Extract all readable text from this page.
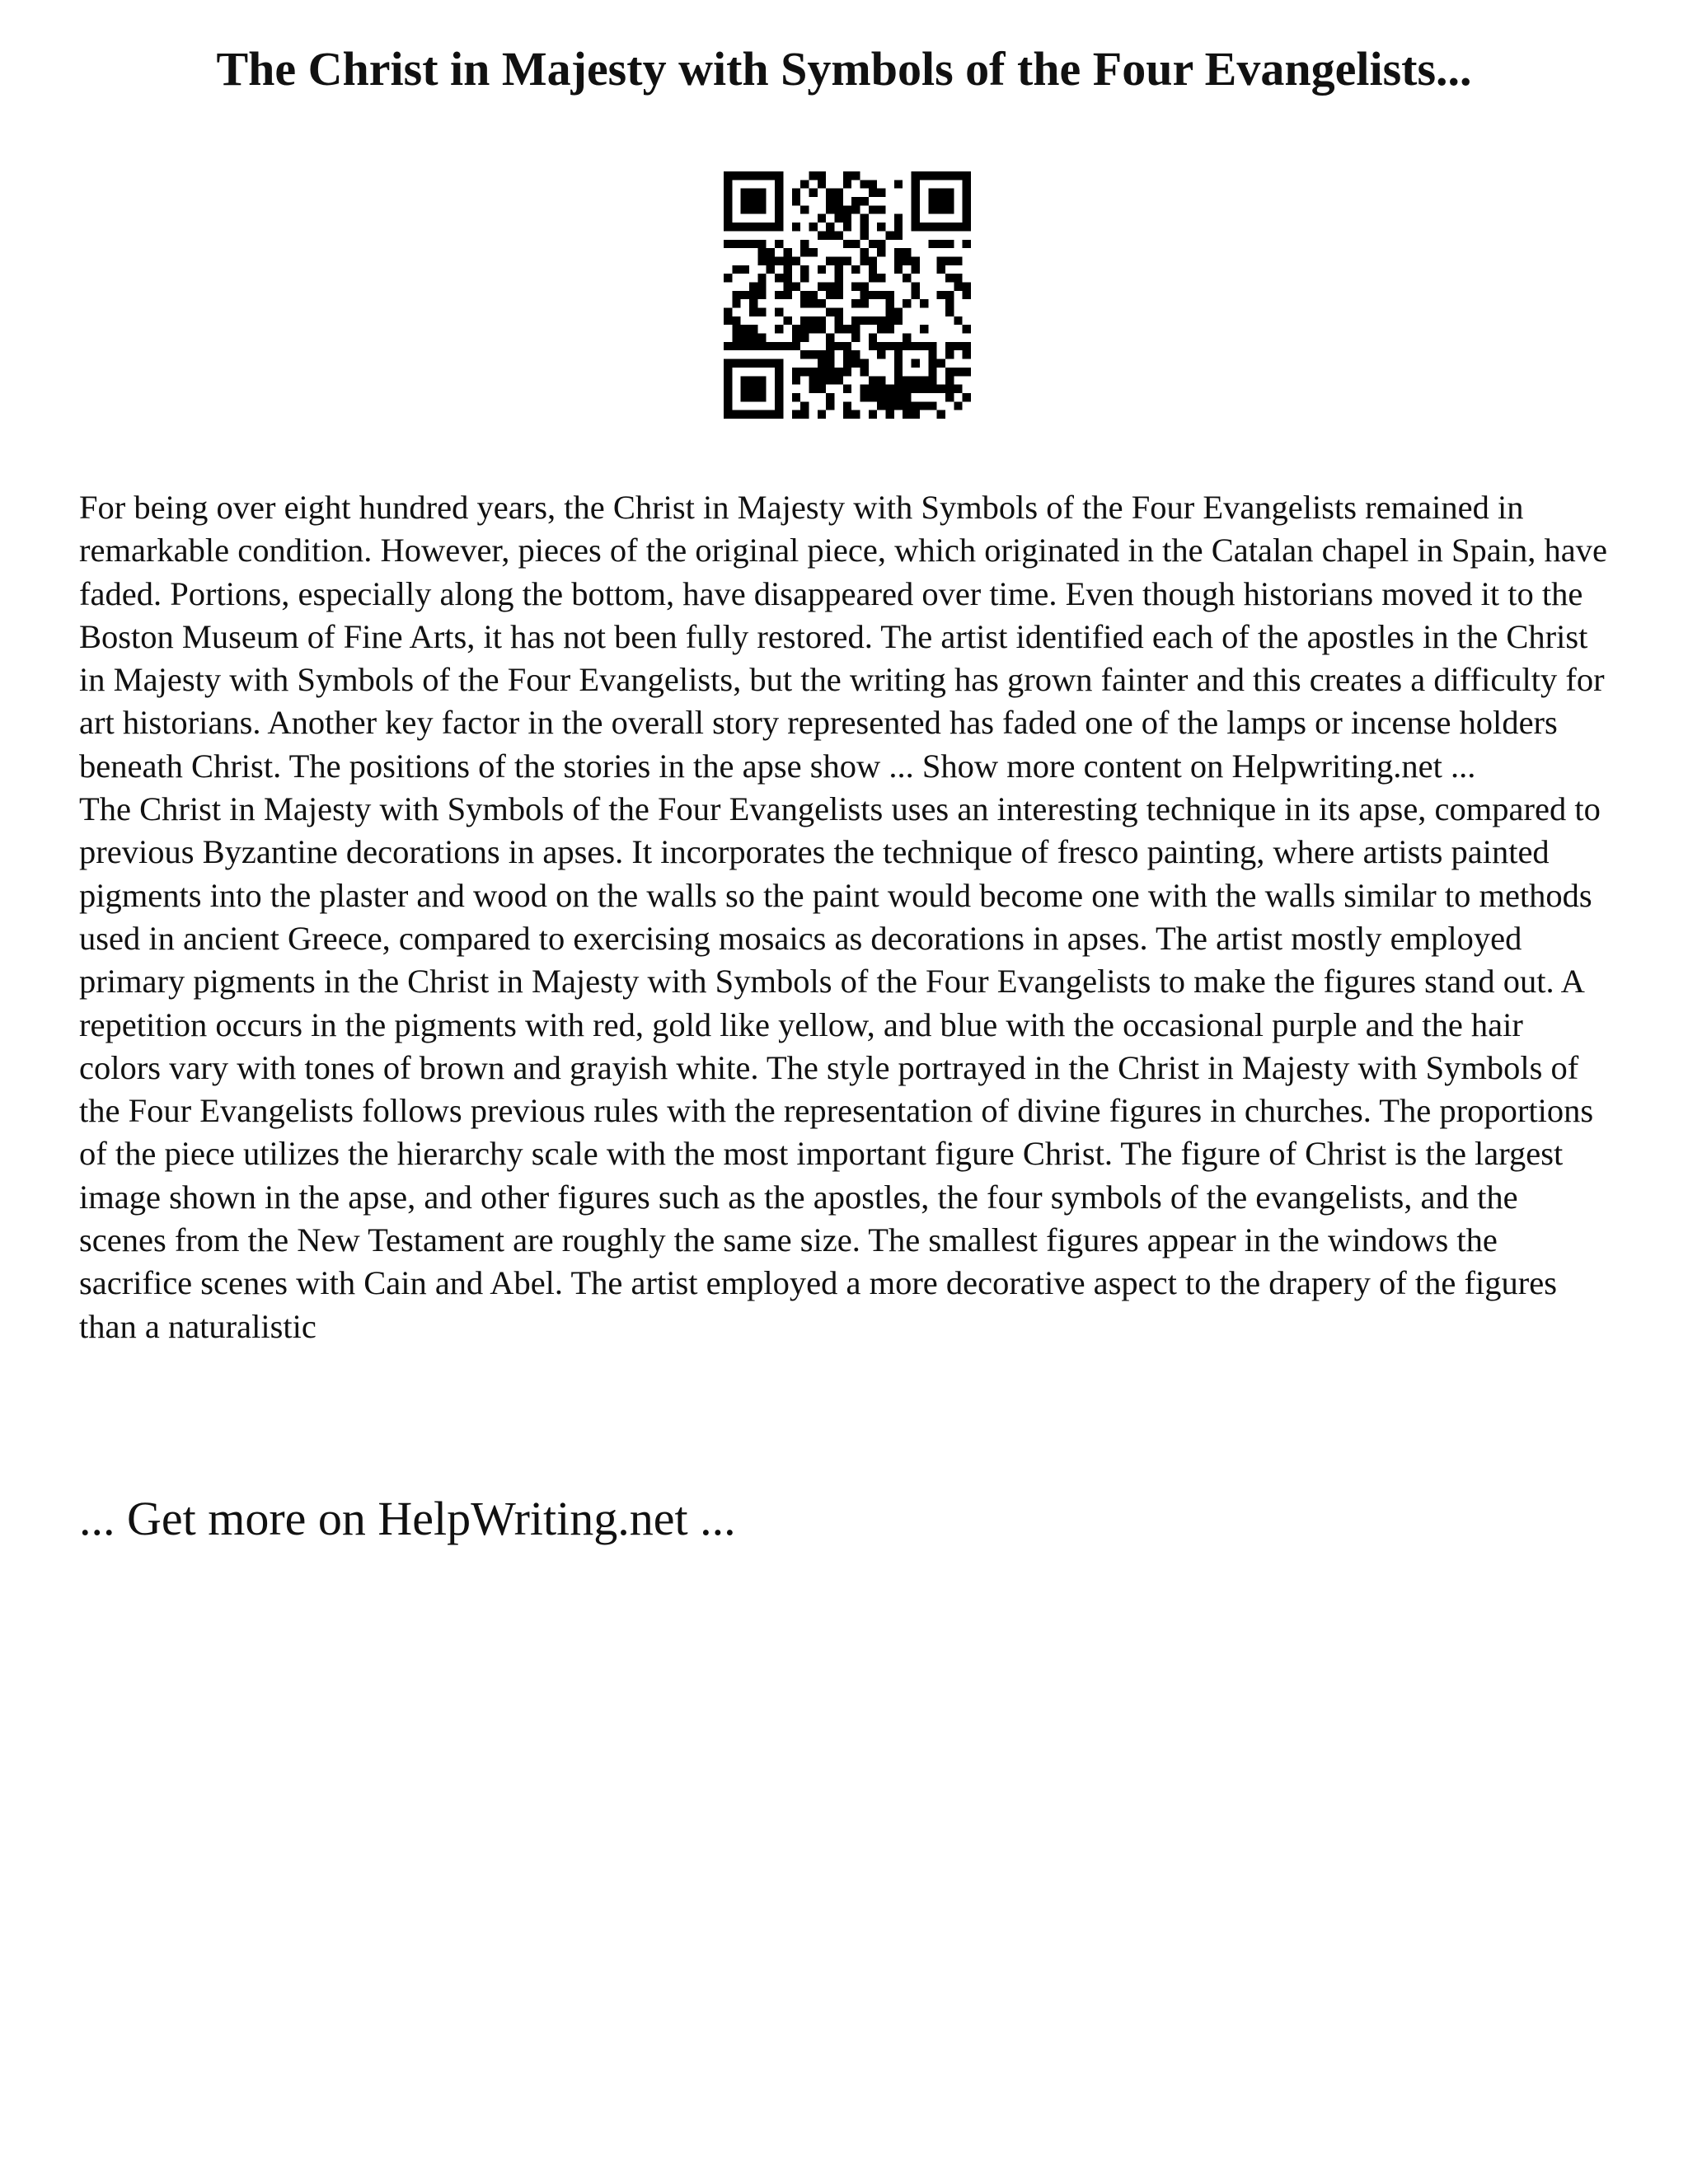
The Christ in Majesty with Symbols of the Four Evangelists...

For being over eight hundred years, the Christ in Majesty with Symbols of the Four Evangelists remained in remarkable condition. However, pieces of the original piece, which originated in the Catalan chapel in Spain, have faded. Portions, especially along the bottom, have disappeared over time. Even though historians moved it to the Boston Museum of Fine Arts, it has not been fully restored. The artist identified each of the apostles in the Christ in Majesty with Symbols of the Four Evangelists, but the writing has grown fainter and this creates a difficulty for art historians. Another key factor in the overall story represented has faded one of the lamps or incense holders beneath Christ. The positions of the stories in the apse show ... Show more content on Helpwriting.net ...

The Christ in Majesty with Symbols of the Four Evangelists uses an interesting technique in its apse, compared to previous Byzantine decorations in apses. It incorporates the technique of fresco painting, where artists painted pigments into the plaster and wood on the walls so the paint would become one with the walls similar to methods used in ancient Greece, compared to exercising mosaics as decorations in apses. The artist mostly employed primary pigments in the Christ in Majesty with Symbols of the Four Evangelists to make the figures stand out. A repetition occurs in the pigments with red, gold like yellow, and blue with the occasional purple and the hair colors vary with tones of brown and grayish white. The style portrayed in the Christ in Majesty with Symbols of the Four Evangelists follows previous rules with the representation of divine figures in churches. The proportions of the piece utilizes the hierarchy scale with the most important figure Christ. The figure of Christ is the largest image shown in the apse, and other figures such as the apostles, the four symbols of the evangelists, and the scenes from the New Testament are roughly the same size. The smallest figures appear in the windows the sacrifice scenes with Cain and Abel. The artist employed a more decorative aspect to the drapery of the figures than a naturalistic

... Get more on HelpWriting.net ...
